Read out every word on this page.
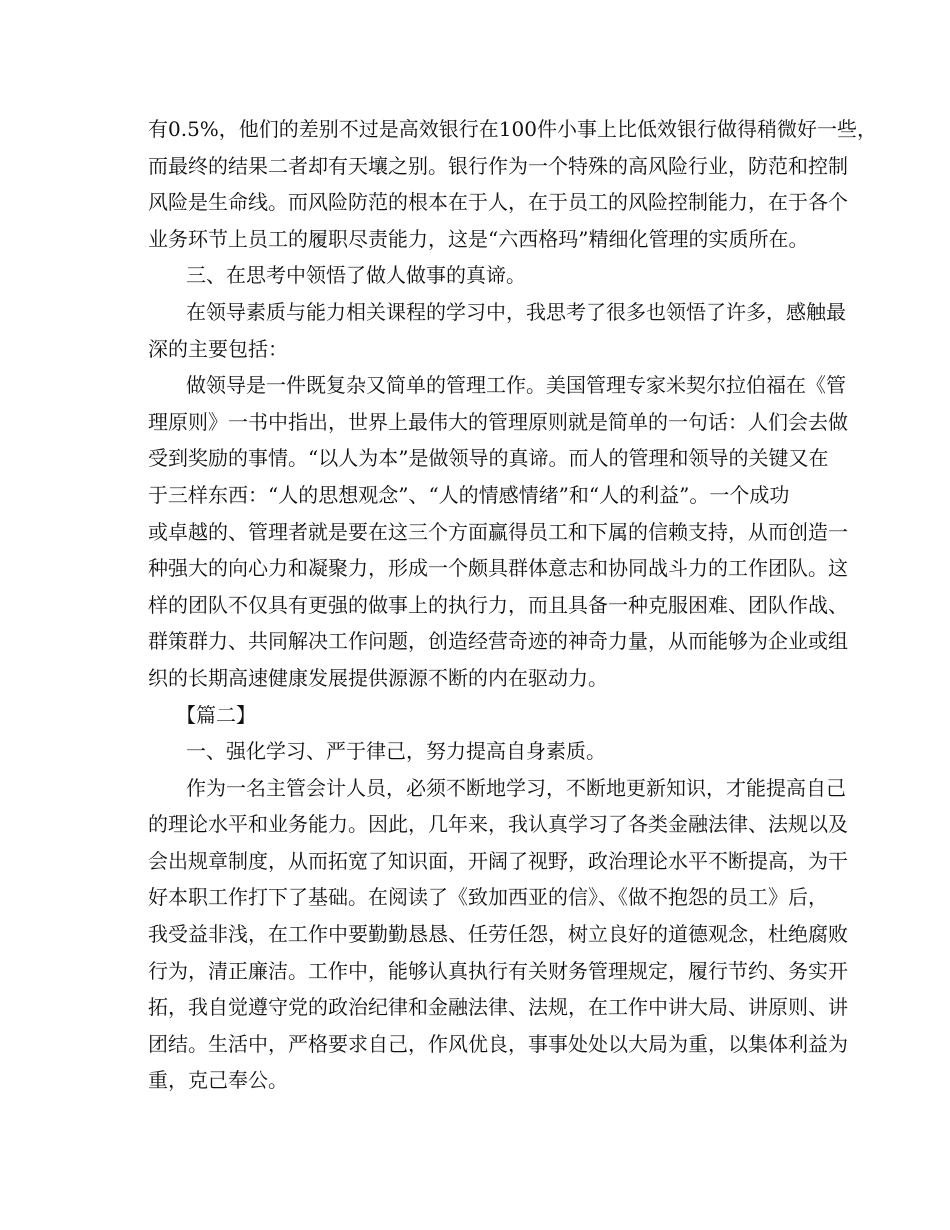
有0.5%，他们的差别不过是高效银行在100件小事上比低效银行做得稍微好一些，
而最终的结果二者却有天壤之别。银行作为一个特殊的高风险行业，防范和控制
风险是生命线。而风险防范的根本在于人，在于员工的风险控制能力，在于各个
业务环节上员工的履职尽责能力，这是“六西格玛”精细化管理的实质所在。
三、在思考中领悟了做人做事的真谛。
在领导素质与能力相关课程的学习中，我思考了很多也领悟了许多，感触最
深的主要包括：
做领导是一件既复杂又简单的管理工作。美国管理专家米契尔拉伯福在《管
理原则》一书中指出，世界上最伟大的管理原则就是简单的一句话：人们会去做
受到奖励的事情。“以人为本”是做领导的真谛。而人的管理和领导的关键又在
于三样东西：“人的思想观念”、“人的情感情绪”和“人的利益”。一个成功
或卓越的、管理者就是要在这三个方面赢得员工和下属的信赖支持，从而创造一
种强大的向心力和凝聚力，形成一个颇具群体意志和协同战斗力的工作团队。这
样的团队不仅具有更强的做事上的执行力，而且具备一种克服困难、团队作战、
群策群力、共同解决工作问题，创造经营奇迹的神奇力量，从而能够为企业或组
织的长期高速健康发展提供源源不断的内在驱动力。
【篇二】
一、强化学习、严于律己，努力提高自身素质。
作为一名主管会计人员，必须不断地学习，不断地更新知识，才能提高自己
的理论水平和业务能力。因此，几年来，我认真学习了各类金融法律、法规以及
会出规章制度，从而拓宽了知识面，开阔了视野，政治理论水平不断提高，为干
好本职工作打下了基础。在阅读了《致加西亚的信》、《做不抱怨的员工》后，
我受益非浅，在工作中要勤勤恳恳、任劳任怨，树立良好的道德观念，杜绝腐败
行为，清正廉洁。工作中，能够认真执行有关财务管理规定，履行节约、务实开
拓，我自觉遵守党的政治纪律和金融法律、法规，在工作中讲大局、讲原则、讲
团结。生活中，严格要求自己，作风优良，事事处处以大局为重，以集体利益为
重，克己奉公。
